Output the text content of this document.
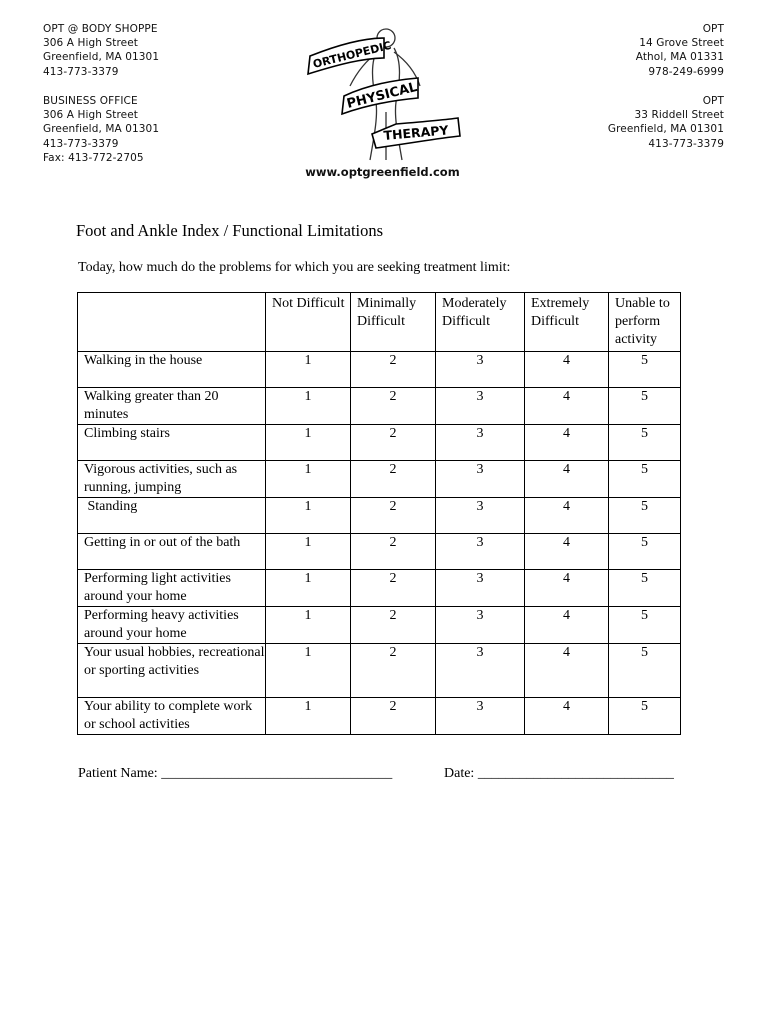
OPT @ BODY SHOPPE
306 A High Street
Greenfield, MA 01301
413-773-3379
BUSINESS OFFICE
306 A High Street
Greenfield, MA 01301
413-773-3379
Fax: 413-772-2705
OPT
14 Grove Street
Athol, MA 01331
978-249-6999
OPT
33 Riddell Street
Greenfield, MA 01301
413-773-3379
ORTHOPEDIC
PHYSICAL
THERAPY
www.optgreenfield.com
Foot and Ankle Index / Functional Limitations
Today, how much do the problems for which you are seeking treatment limit:
	Not Difficult	Minimally Difficult	Moderately Difficult	Extremely Difficult	Unable to perform activity
Walking in the house	1	2	3	4	5
Walking greater than 20 minutes	1	2	3	4	5
Climbing stairs	1	2	3	4	5
Vigorous activities, such as running, jumping	1	2	3	4	5
Standing	1	2	3	4	5
Getting in or out of the bath	1	2	3	4	5
Performing light activities around your home	1	2	3	4	5
Performing heavy activities around your home	1	2	3	4	5
Your usual hobbies, recreational or sporting activities	1	2	3	4	5
Your ability to complete work or school activities	1	2	3	4	5
Patient Name: _________________________________	Date: ____________________________
